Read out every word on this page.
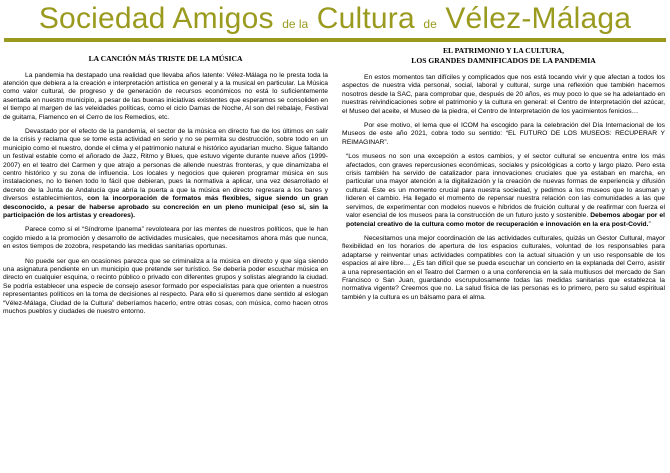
Sociedad Amigos de la Cultura de Vélez-Málaga
LA CANCIÓN MÁS TRISTE DE LA MÚSICA

La pandemia ha destapado una realidad que llevaba años latente: Vélez-Málaga no le presta toda la atención que debiera a la creación e interpretación artística en general y a la musical en particular. La Música como valor cultural, de progreso y de generación de recursos económicos no está lo suficientemente asentada en nuestro municipio, a pesar de las buenas iniciativas existentes que esperamos se consoliden en el tiempo al margen de las veleidades políticas, como el ciclo Damas de Noche, Al son del rebalaje, Festival de guitarra, Flamenco en el Cerro de los Remedios, etc.

Devastado por el efecto de la pandemia, el sector de la música en directo fue de los últimos en salir de la crisis y reclama que se tome esta actividad en serio y no se permita su destrucción, sobre todo en un municipio como el nuestro, donde el clima y el patrimonio natural e histórico ayudarían mucho. Sigue faltando un festival estable como el añorado de Jazz, Ritmo y Blues, que estuvo vigente durante nueve años (1999-2007) en el teatro del Carmen y que atrajo a personas de allende nuestras fronteras, y que dinamizaba el centro histórico y su zona de influencia. Los locales y negocios que quieren programar música en sus instalaciones, no lo tienen todo lo fácil que debieran, pues la normativa a aplicar, una vez desarrollado el decreto de la Junta de Andalucía que abría la puerta a que la música en directo regresara a los bares y diversos establecimientos, con la incorporación de formatos más flexibles, sigue siendo un gran desconocido, a pesar de haberse aprobado su concreción en un pleno municipal (eso sí, sin la participación de los artistas y creadores).

Parece como si el “Síndrome Ipanema” revoloteara por las mentes de nuestros políticos, que le han cogido miedo a la promoción y desarrollo de actividades musicales, que necesitamos ahora más que nunca, en estos tiempos de zozobra, respetando las medidas sanitarias oportunas.

No puede ser que en ocasiones parezca que se criminaliza a la música en directo y que siga siendo una asignatura pendiente en un municipio que pretende ser turístico. Se debería poder escuchar música en directo en cualquier esquina, o recinto público o privado con diferentes grupos y solistas alegrando la ciudad. Se podría establecer una especie de consejo asesor formado por especialistas para que orienten a nuestros representantes políticos en la toma de decisiones al respecto. Para ello si queremos dane sentido al eslogan “Vélez-Málaga, Ciudad de la Cultura” deberíamos hacerlo, entre otras cosas, con música, como hacen otros muchos pueblos y ciudades de nuestro entorno.

EL PATRIMONIO Y LA CULTURA,
LOS GRANDES DAMNIFICADOS DE LA PANDEMIA

En estos momentos tan difíciles y complicados que nos está tocando vivir y que afectan a todos los aspectos de nuestra vida personal, social, laboral y cultural, surge una reflexión que también hacemos nosotros desde la SAC, para comprobar que, después de 20 años, es muy poco lo que se ha adelantado en nuestras reivindicaciones sobre el patrimonio y la cultura en general: el Centro de Interpretación del azúcar, el Museo del aceite, el Museo de la piedra, el Centro de Interpretación de los yacimientos fenicios…

Por ese motivo, el lema que el ICOM ha escogido para la celebración del Día Internacional de los Museos de este año 2021, cobra todo su sentido: “EL FUTURO DE LOS MUSEOS: RECUPERAR Y REIMAGINAR”.

“Los museos no son una excepción a estos cambios, y el sector cultural se encuentra entre los más afectados, con graves repercusiones económicas, sociales y psicológicas a corto y largo plazo. Pero esta crisis también ha servido de catalizador para innovaciones cruciales que ya estaban en marcha, en particular una mayor atención a la digitalización y la creación de nuevas formas de experiencia y difusión cultural. Este es un momento crucial para nuestra sociedad, y pedimos a los museos que lo asuman y lideren el cambio. Ha llegado el momento de repensar nuestra relación con las comunidades a las que servimos, de experimentar con modelos nuevos e híbridos de fruición cultural y de reafirmar con fuerza el valor esencial de los museos para la construcción de un futuro justo y sostenible. Debemos abogar por el potencial creativo de la cultura como motor de recuperación e innovación en la era post-Covid.”

Necesitamos una mejor coordinación de las actividades culturales, quizás un Gestor Cultural, mayor flexibilidad en los horarios de apertura de los espacios culturales, voluntad de los responsables para adaptarse y reinventar unas actividades compatibles con la actual situación y un uso responsable de los espacios al aire libre… ¿Es tan difícil que se pueda escuchar un concierto en la explanada del Cerro, asistir a una representación en el Teatro del Carmen o a una conferencia en la sala multiusos del mercado de San Francisco o San Juan, guardando escrupulosamente todas las medidas sanitarias que establezca la normativa vigente? Creemos que no. La salud física de las personas es lo primero, pero su salud espiritual también y la cultura es un bálsamo para el alma.
